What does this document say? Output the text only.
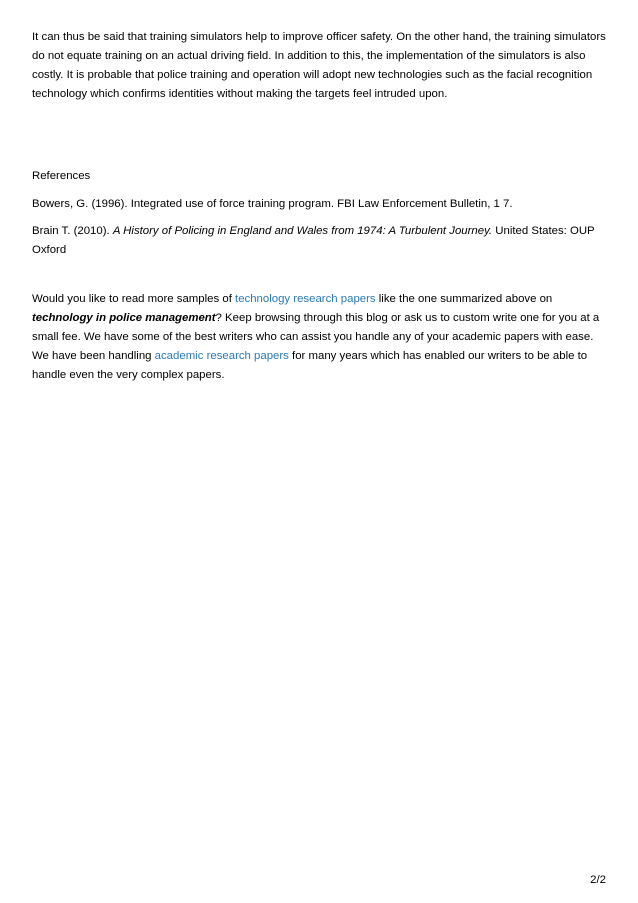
It can thus be said that training simulators help to improve officer safety. On the other hand, the training simulators do not equate training on an actual driving field. In addition to this, the implementation of the simulators is also costly. It is probable that police training and operation will adopt new technologies such as the facial recognition technology which confirms identities without making the targets feel intruded upon.

References

Bowers, G. (1996). Integrated use of force training program. FBI Law Enforcement Bulletin, 1 7.

Brain T. (2010). A History of Policing in England and Wales from 1974: A Turbulent Journey. United States: OUP Oxford

Would you like to read more samples of technology research papers like the one summarized above on technology in police management? Keep browsing through this blog or ask us to custom write one for you at a small fee. We have some of the best writers who can assist you handle any of your academic papers with ease. We have been handling academic research papers for many years which has enabled our writers to be able to handle even the very complex papers.

2/2
